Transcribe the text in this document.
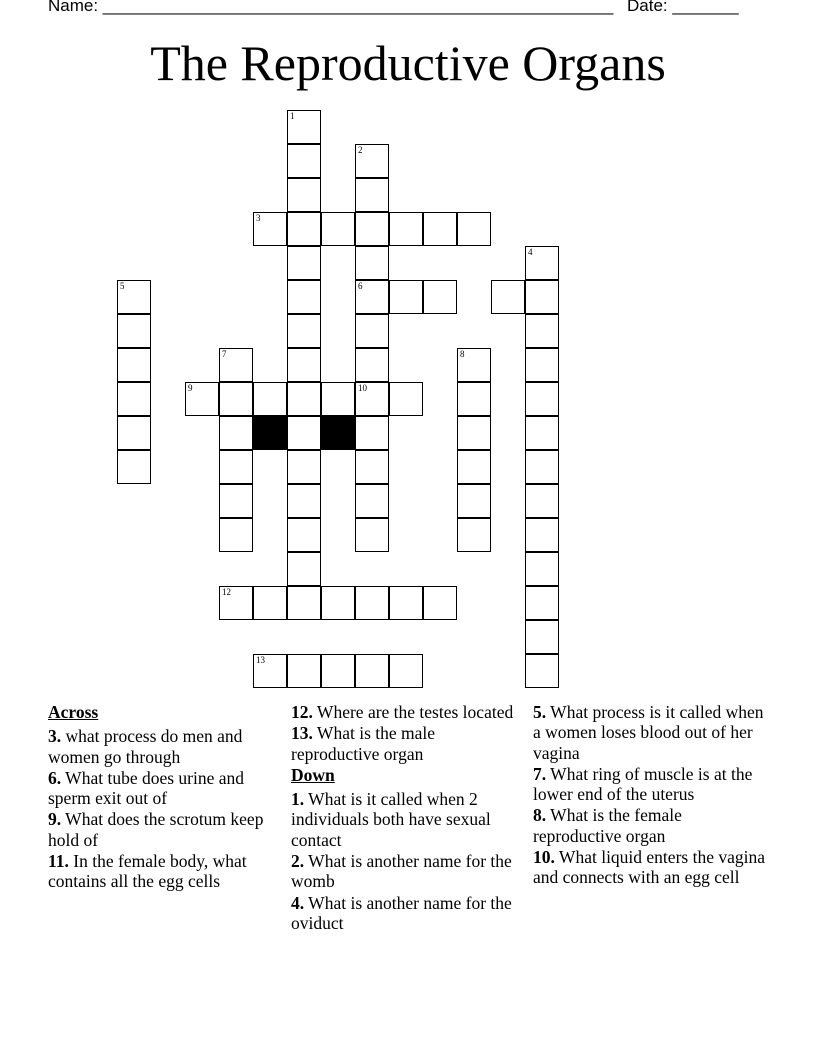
Name: ______________________________________________________ Date: _______
The Reproductive Organs
1
2
6
10
3
4
5
7
9
8
12
13
Across
3. what process do men and women go through
6. What tube does urine and sperm exit out of
9. What does the scrotum keep hold of
11. In the female body, what contains all the egg cells
12. Where are the testes located
13. What is the male reproductive organ
Down
1. What is it called when 2 individuals both have sexual contact
2. What is another name for the womb
4. What is another name for the oviduct
5. What process is it called when a women loses blood out of her vagina
7. What ring of muscle is at the lower end of the uterus
8. What is the female reproductive organ
10. What liquid enters the vagina and connects with an egg cell
